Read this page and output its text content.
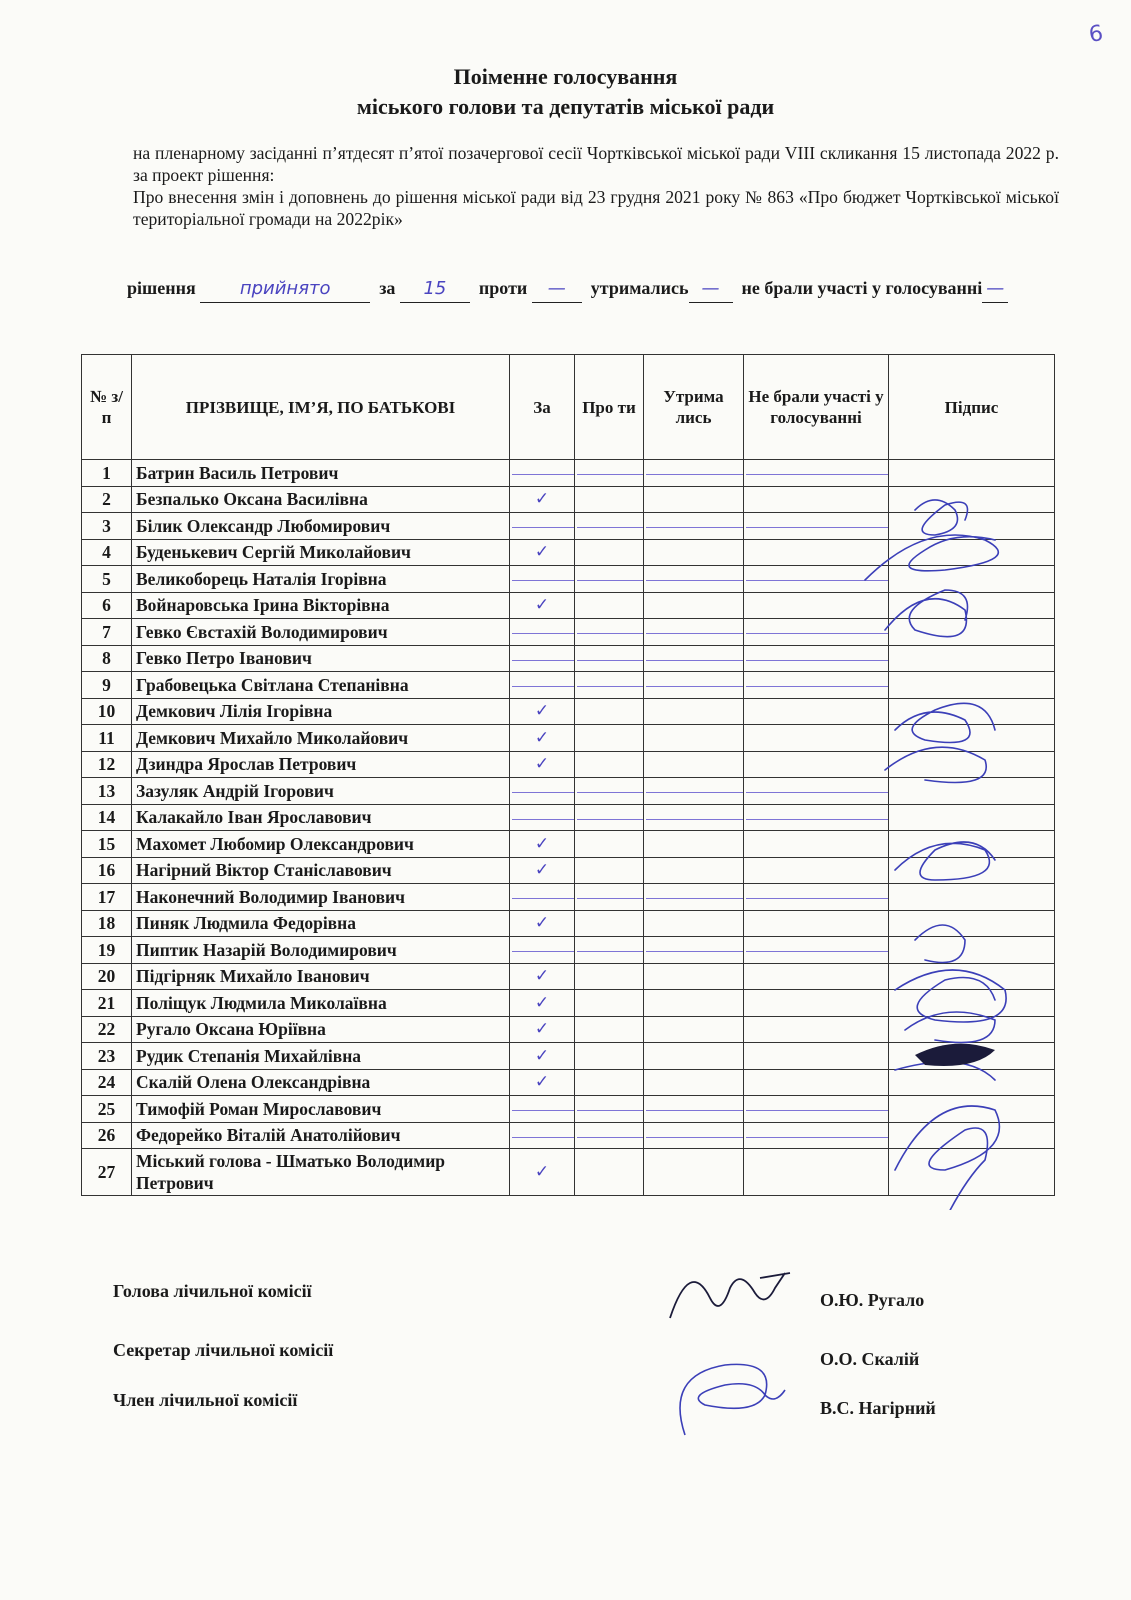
6
Поіменне голосування
міського голови та депутатів міської ради

на пленарному засіданні п’ятдесят п’ятої позачергової сесії Чортківської міської ради VIII скликання 15 листопада 2022 р. за проект рішення:

Про внесення змін і доповнень до рішення міської ради від 23 грудня 2021 року № 863 «Про бюджет Чортківської міської територіальної громади на 2022рік»

рішення прийнято	за 15 проти — утримались — не брали участі у голосуванні —
№ з/п	ПРІЗВИЩЕ, ІМ’Я, ПО БАТЬКОВІ	За	Про ти	Утрима лись	Не брали участі у голосуванні	Підпис
1	Батрин Василь Петрович					
2	Безпалько Оксана Василівна	✓				
3	Білик Олександр Любомирович					
4	Буденькевич Сергій Миколайович	✓				
5	Великоборець Наталія Ігорівна					
6	Войнаровська Ірина Вікторівна	✓				
7	Гевко Євстахій Володимирович					
8	Гевко Петро Іванович					
9	Грабовецька Світлана Степанівна					
10	Демкович Лілія Ігорівна	✓				
11	Демкович Михайло Миколайович	✓				
12	Дзиндра Ярослав Петрович	✓				
13	Зазуляк Андрій Ігорович					
14	Калакайло Іван Ярославович					
15	Махомет Любомир Олександрович	✓				
16	Нагірний Віктор Станіславович	✓				
17	Наконечний Володимир Іванович					
18	Пиняк Людмила Федорівна	✓				
19	Пиптик Назарій Володимирович					
20	Підгірняк Михайло Іванович	✓				
21	Поліщук Людмила Миколаївна	✓				
22	Ругало Оксана Юріївна	✓				
23	Рудик Степанія Михайлівна	✓				
24	Скалій Олена Олександрівна	✓				
25	Тимофій Роман Мирославович					
26	Федорейко Віталій Анатолійович					
27	Міський голова - Шматько Володимир Петрович	✓				
Голова лічильної комісії	О.Ю. Ругало
Секретар лічильної комісії	О.О. Скалій
Член лічильної комісії	В.С. Нагірний
